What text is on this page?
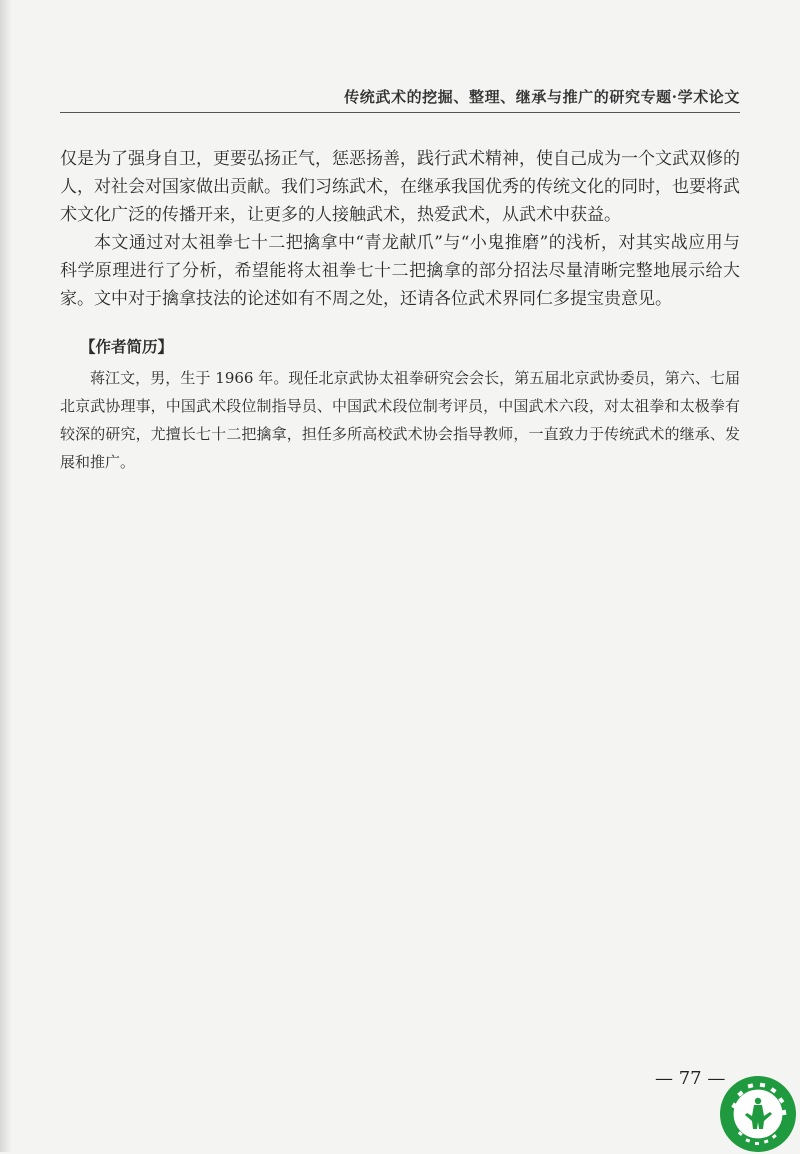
传统武术的挖掘、整理、继承与推广的研究专题·学术论文
仅是为了强身自卫，更要弘扬正气，惩恶扬善，践行武术精神，使自己成为一个文武双修的人，对社会对国家做出贡献。我们习练武术，在继承我国优秀的传统文化的同时，也要将武术文化广泛的传播开来，让更多的人接触武术，热爱武术，从武术中获益。
本文通过对太祖拳七十二把擒拿中“青龙献爪”与“小鬼推磨”的浅析，对其实战应用与科学原理进行了分析，希望能将太祖拳七十二把擒拿的部分招法尽量清晰完整地展示给大家。文中对于擒拿技法的论述如有不周之处，还请各位武术界同仁多提宝贵意见。
【作者简历】
蒋江文，男，生于 1966 年。现任北京武协太祖拳研究会会长，第五届北京武协委员，第六、七届北京武协理事，中国武术段位制指导员、中国武术段位制考评员，中国武术六段，对太祖拳和太极拳有较深的研究，尤擅长七十二把擒拿，担任多所高校武术协会指导教师，一直致力于传统武术的继承、发展和推广。
— 77 —
